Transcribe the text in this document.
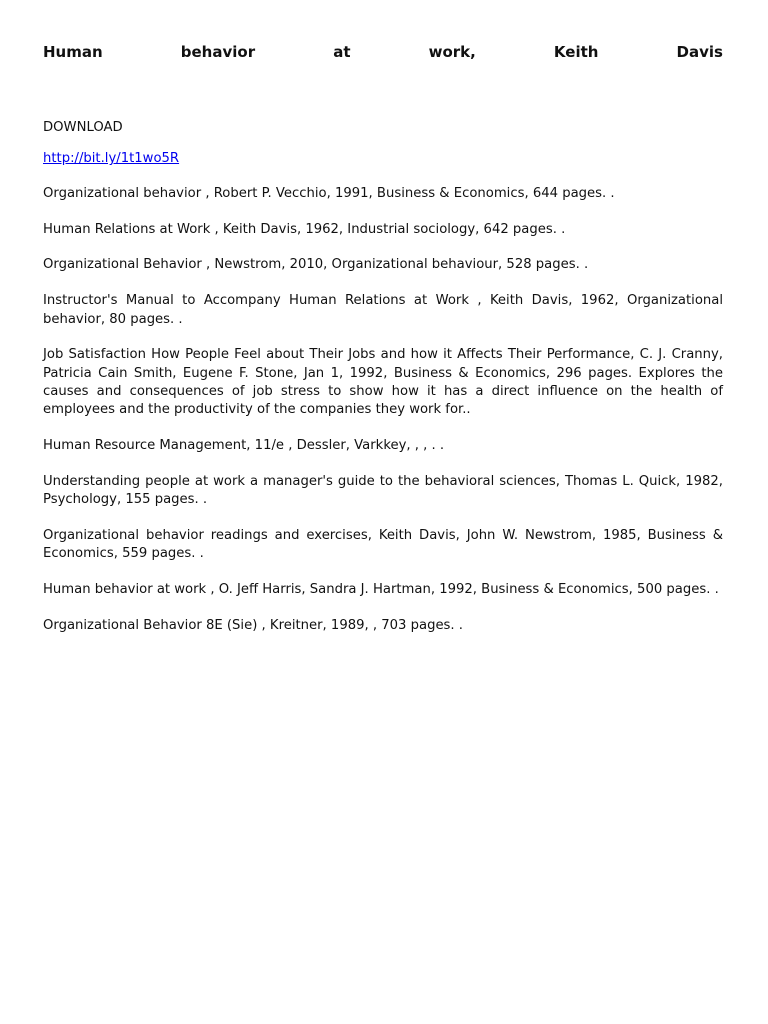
Human	behavior	at	work,	Keith	Davis
DOWNLOAD
http://bit.ly/1t1wo5R
Organizational behavior , Robert P. Vecchio, 1991, Business & Economics, 644 pages. .
Human Relations at Work , Keith Davis, 1962, Industrial sociology, 642 pages. .
Organizational Behavior , Newstrom, 2010, Organizational behaviour, 528 pages. .
Instructor's Manual to Accompany Human Relations at Work , Keith Davis, 1962, Organizational behavior, 80 pages. .
Job Satisfaction How People Feel about Their Jobs and how it Affects Their Performance, C. J. Cranny, Patricia Cain Smith, Eugene F. Stone, Jan 1, 1992, Business & Economics, 296 pages. Explores the causes and consequences of job stress to show how it has a direct influence on the health of employees and the productivity of the companies they work for..
Human Resource Management, 11/e , Dessler, Varkkey, , , . .
Understanding people at work a manager's guide to the behavioral sciences, Thomas L. Quick, 1982, Psychology, 155 pages. .
Organizational behavior readings and exercises, Keith Davis, John W. Newstrom, 1985, Business & Economics, 559 pages. .
Human behavior at work , O. Jeff Harris, Sandra J. Hartman, 1992, Business & Economics, 500 pages. .
Organizational Behavior 8E (Sie) , Kreitner, 1989, , 703 pages. .
